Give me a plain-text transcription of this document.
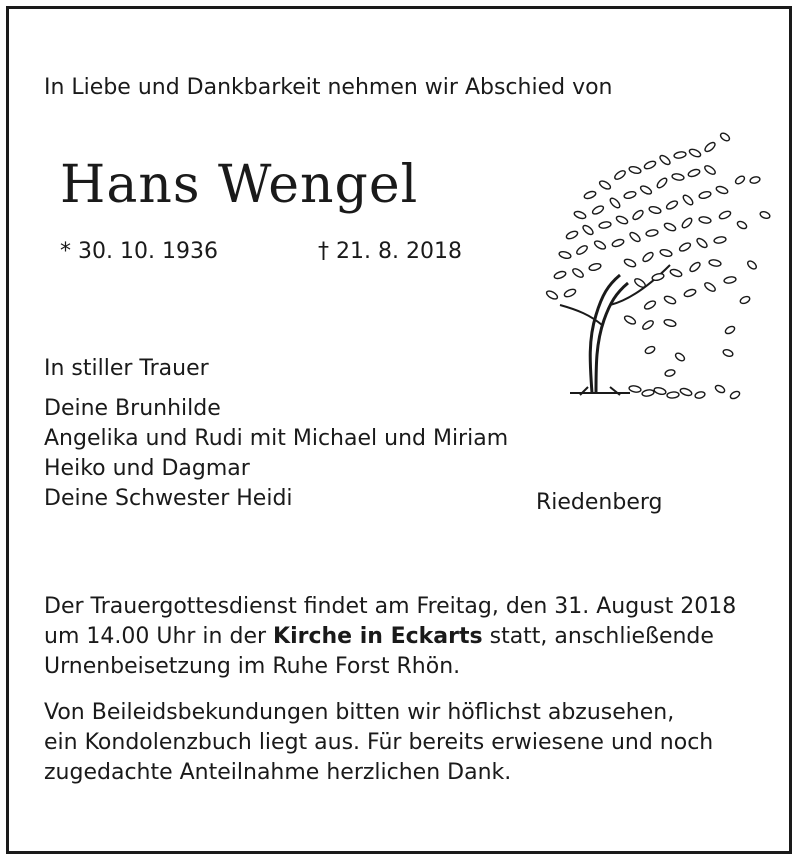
In Liebe und Dankbarkeit nehmen wir Abschied von
Hans Wengel
* 30. 10. 1936	† 21. 8. 2018
In stiller Trauer
Deine Brunhilde
Angelika und Rudi mit Michael und Miriam
Heiko und Dagmar
Deine Schwester Heidi	Riedenberg
Der Trauergottesdienst findet am Freitag, den 31. August 2018
um 14.00 Uhr in der Kirche in Eckarts statt, anschließende
Urnenbeisetzung im Ruhe Forst Rhön.
Von Beileidsbekundungen bitten wir höflichst abzusehen,
ein Kondolenzbuch liegt aus. Für bereits erwiesene und noch
zugedachte Anteilnahme herzlichen Dank.
